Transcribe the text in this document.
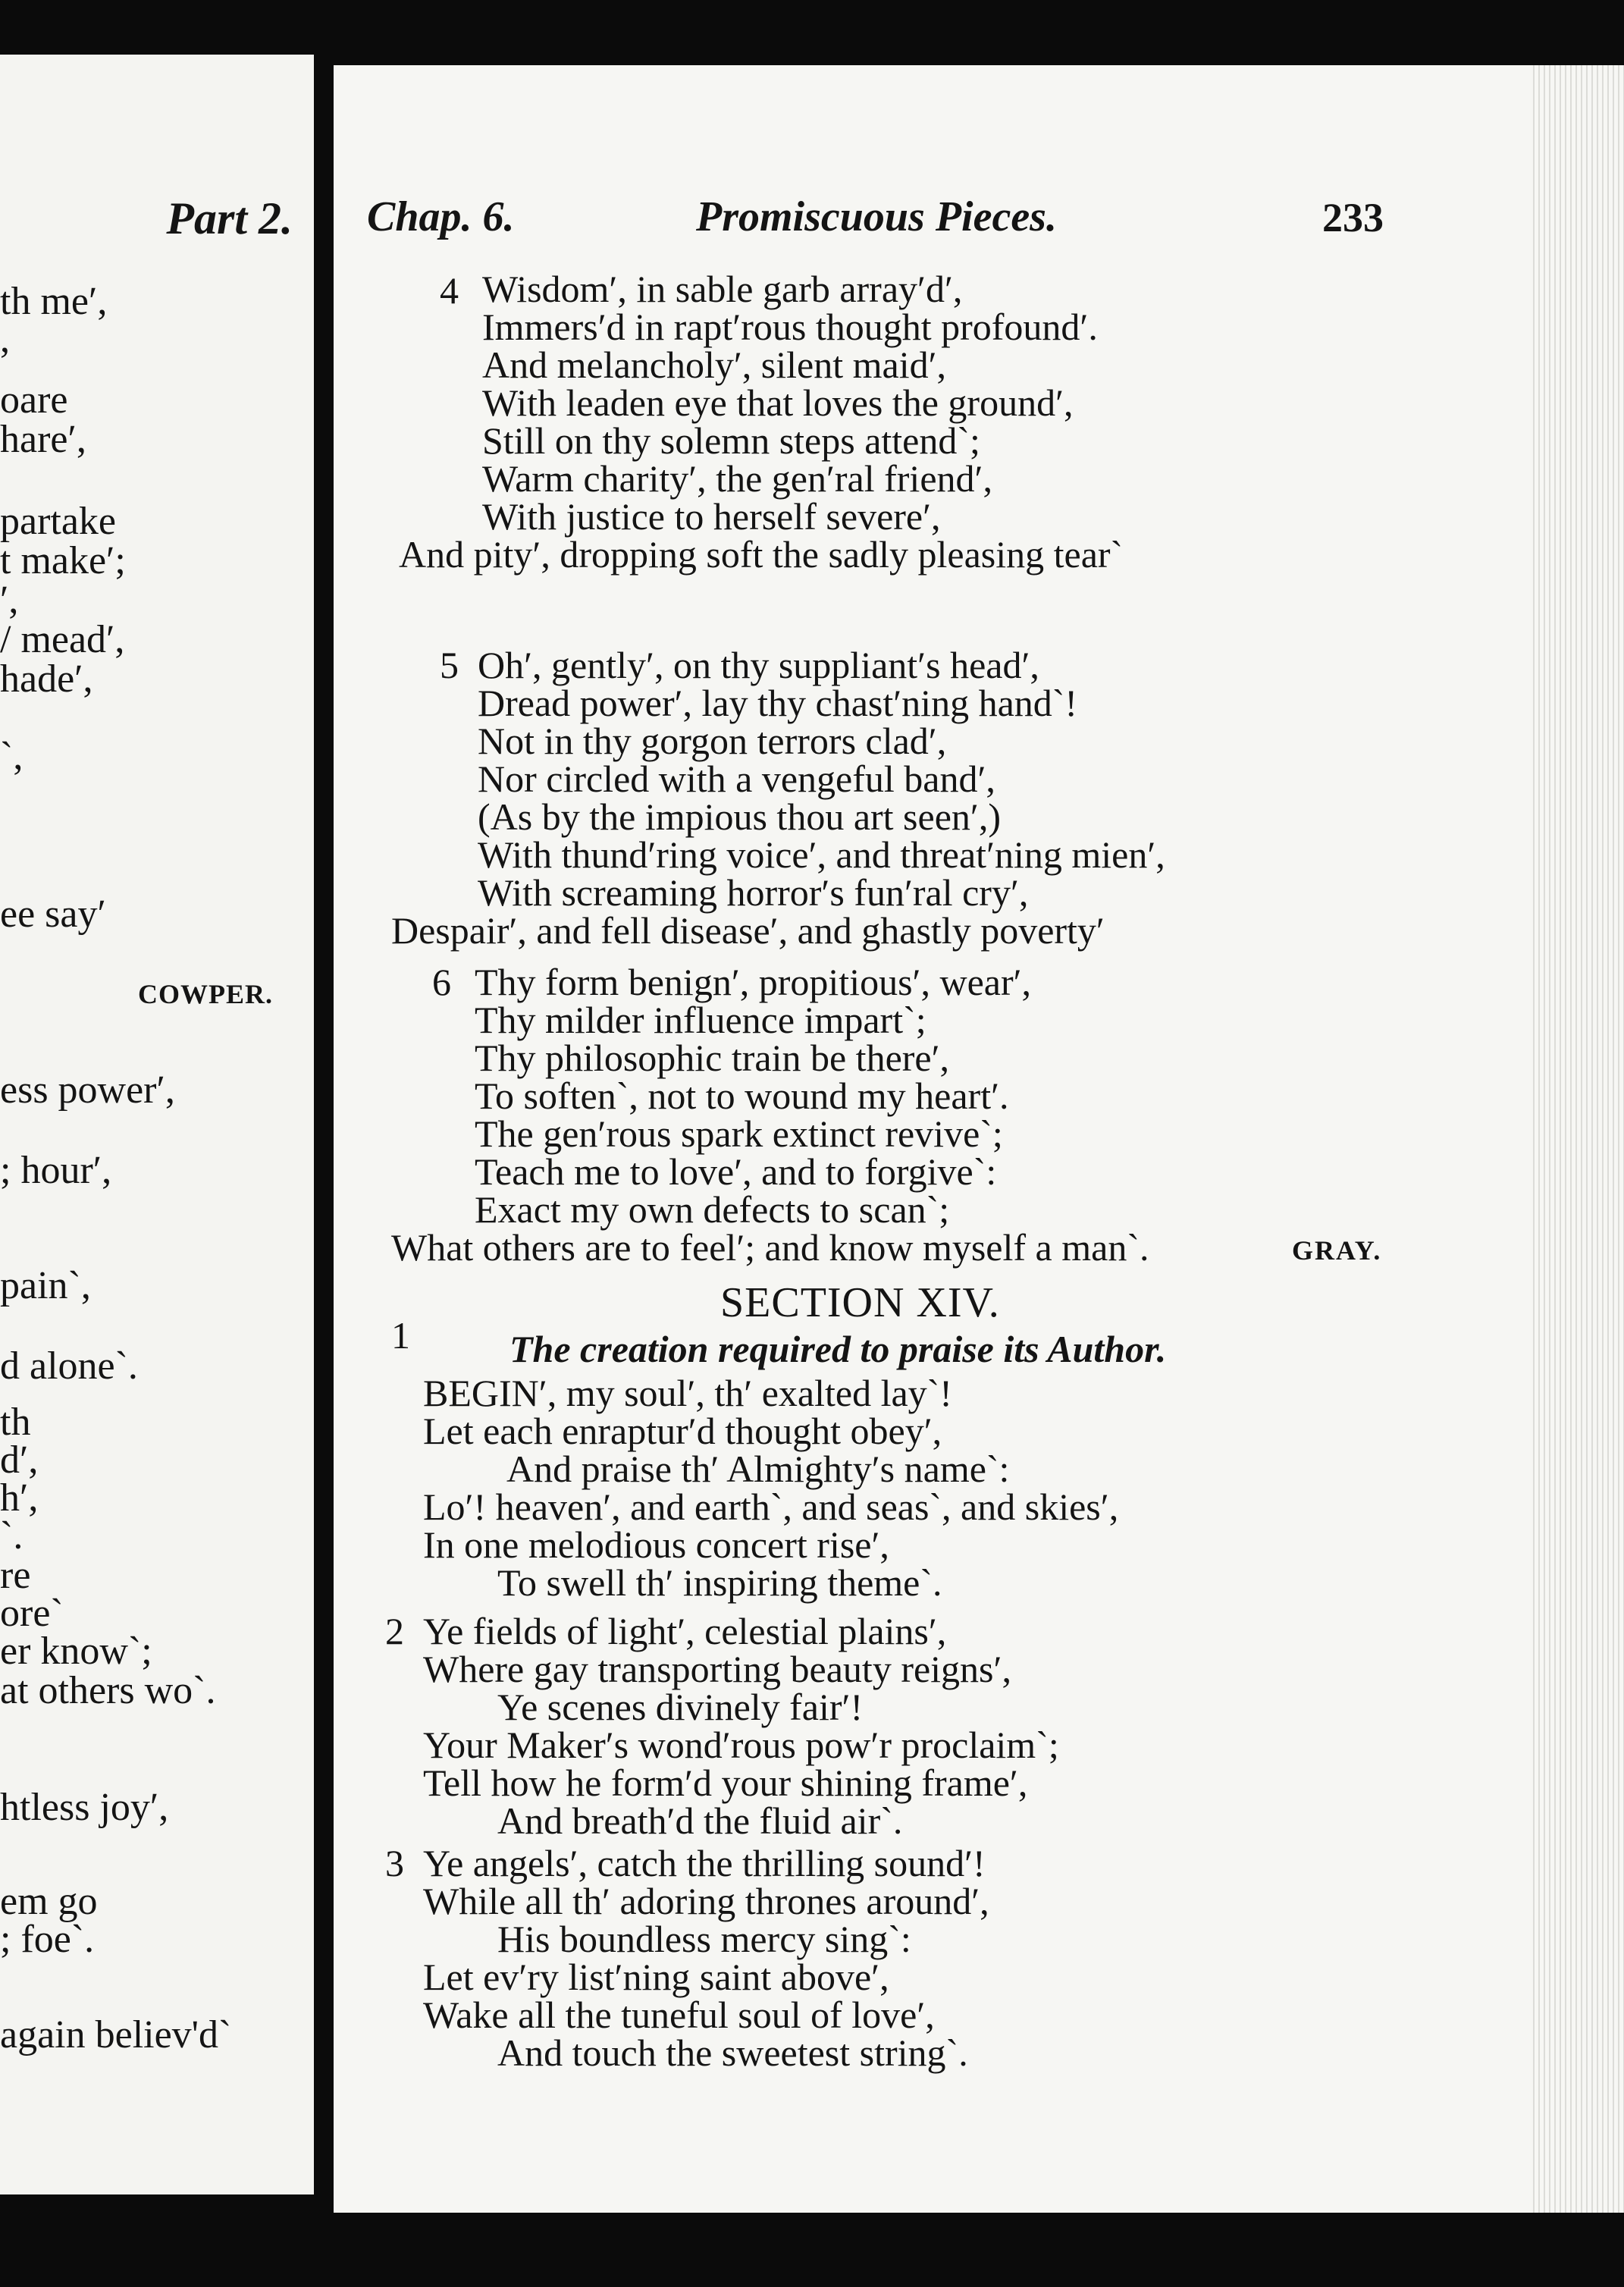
Part 2.
th me′,
,
oare
hare′,
partake
t make′;
′,
/ mead′,
hade′,
`,
ee say′
ess power′,
; hour′,
pain`,
d alone`.
th
d′,
h′,
`.
re
ore`
er know`;
at others wo`.
htless joy′,
em go
; foe`.
again believ'd`
COWPER.
Chap. 6.	Promiscuous Pieces.	233
4
5
6
1
2
3
Wisdom′, in sable garb array′d′,
Immers′d in rapt′rous thought profound′.
And melancholy′, silent maid′,
With leaden eye that loves the ground′,
Still on thy solemn steps attend`;
Warm charity′, the gen′ral friend′,
With justice to herself severe′,
And pity′, dropping soft the sadly pleasing tear`
Oh′, gently′, on thy suppliant′s head′,
Dread power′, lay thy chast′ning hand`!
Not in thy gorgon terrors clad′,
Nor circled with a vengeful band′,
(As by the impious thou art seen′,)
With thund′ring voice′, and threat′ning mien′,
With screaming horror′s fun′ral cry′,
Despair′, and fell disease′, and ghastly poverty′
Thy form benign′, propitious′, wear′,
Thy milder influence impart`;
Thy philosophic train be there′,
To soften`, not to wound my heart′.
The gen′rous spark extinct revive`;
Teach me to love′, and to forgive`:
Exact my own defects to scan`;
What others are to feel′; and know myself a man`.	GRAY.
SECTION XIV.
The creation required to praise its Author.
BEGIN′, my soul′, th′ exalted lay`!
Let each enraptur′d thought obey′,
And praise th′ Almighty′s name`:
Lo′! heaven′, and earth`, and seas`, and skies′,
In one melodious concert rise′,
To swell th′ inspiring theme`.
Ye fields of light′, celestial plains′,
Where gay transporting beauty reigns′,
Ye scenes divinely fair′!
Your Maker′s wond′rous pow′r proclaim`;
Tell how he form′d your shining frame′,
And breath′d the fluid air`.
Ye angels′, catch the thrilling sound′!
While all th′ adoring thrones around′,
His boundless mercy sing`:
Let ev′ry list′ning saint above′,
Wake all the tuneful soul of love′,
And touch the sweetest string`.
